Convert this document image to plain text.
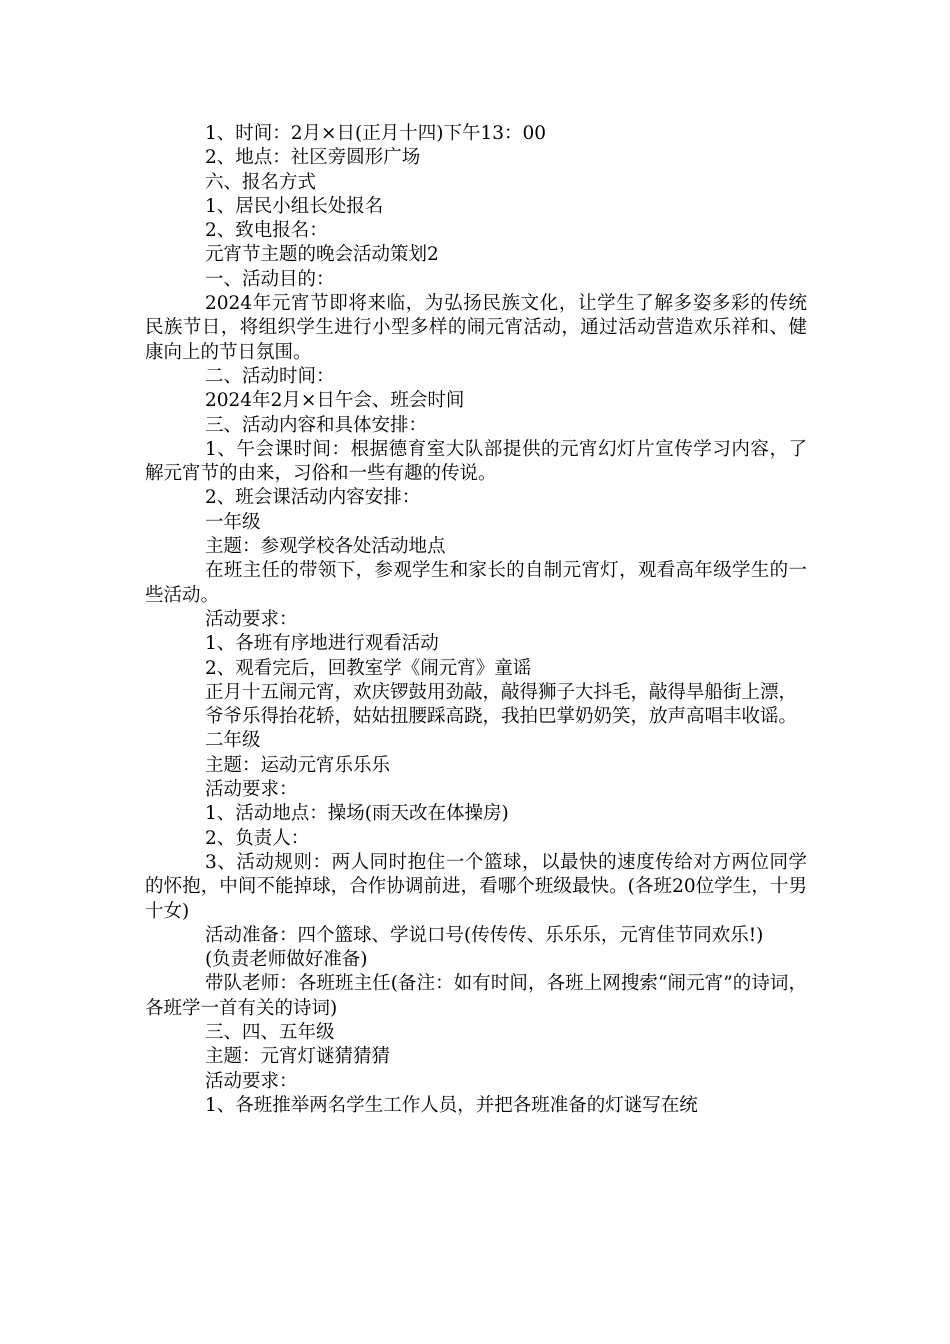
1、时间：2月×日(正月十四)下午13：00

2、地点：社区旁圆形广场

六、报名方式

1、居民小组长处报名

2、致电报名：

元宵节主题的晚会活动策划2

一、活动目的：

2024年元宵节即将来临，为弘扬民族文化，让学生了解多姿多彩的传统民族节日，将组织学生进行小型多样的闹元宵活动，通过活动营造欢乐祥和、健康向上的节日氛围。

二、活动时间：

2024年2月×日午会、班会时间

三、活动内容和具体安排：

1、午会课时间：根据德育室大队部提供的元宵幻灯片宣传学习内容，了解元宵节的由来，习俗和一些有趣的传说。

2、班会课活动内容安排：

一年级

主题：参观学校各处活动地点

在班主任的带领下，参观学生和家长的自制元宵灯，观看高年级学生的一些活动。

活动要求：

1、各班有序地进行观看活动

2、观看完后，回教室学《闹元宵》童谣

正月十五闹元宵，欢庆锣鼓用劲敲，敲得狮子大抖毛，敲得旱船街上漂，

爷爷乐得抬花轿，姑姑扭腰踩高跷，我拍巴掌奶奶笑，放声高唱丰收谣。

二年级

主题：运动元宵乐乐乐

活动要求：

1、活动地点：操场(雨天改在体操房)

2、负责人：

3、活动规则：两人同时抱住一个篮球，以最快的速度传给对方两位同学的怀抱，中间不能掉球，合作协调前进，看哪个班级最快。(各班20位学生，十男十女)

活动准备：四个篮球、学说口号(传传传、乐乐乐，元宵佳节同欢乐!)

(负责老师做好准备)

带队老师：各班班主任(备注：如有时间，各班上网搜索“闹元宵”的诗词，各班学一首有关的诗词)

三、四、五年级

主题：元宵灯谜猜猜猜

活动要求：

1、各班推举两名学生工作人员，并把各班准备的灯谜写在统
